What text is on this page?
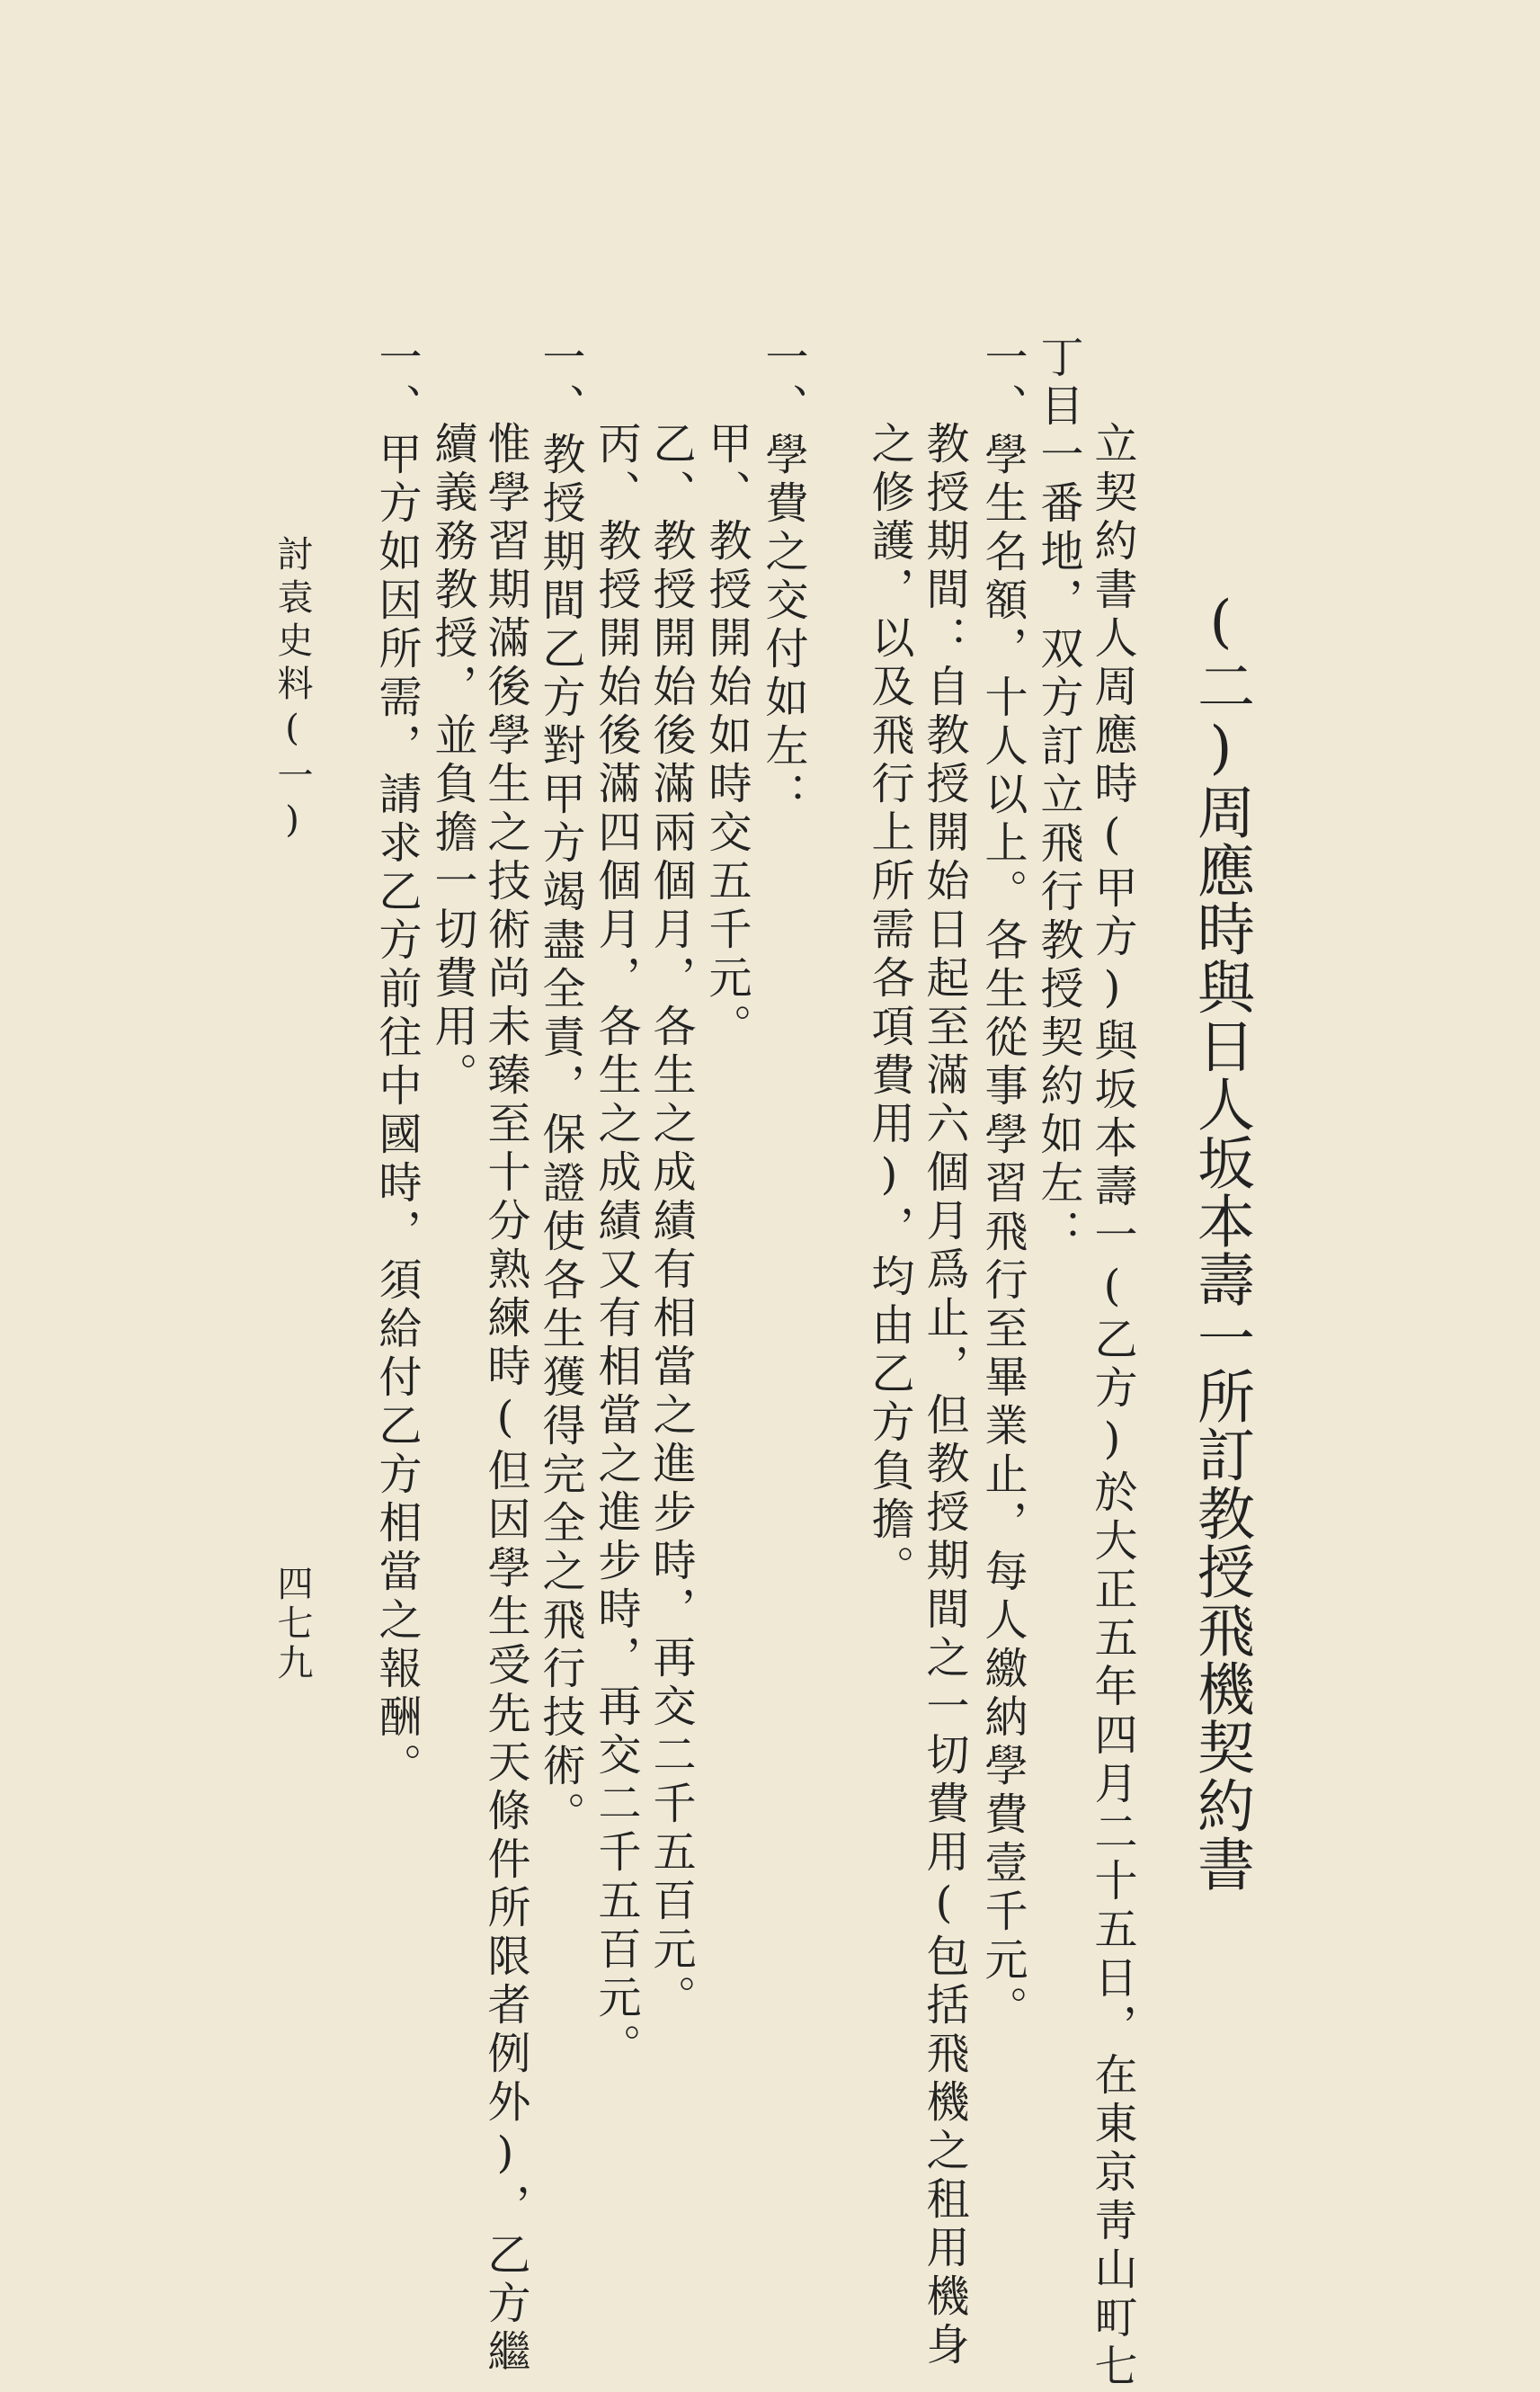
(二)周應時與日人坂本壽一所訂教授飛機契約書
立契約書人周應時(甲方)與坂本壽一(乙方)於大正五年四月二十五日，在東京靑山町七
丁目一番地，双方訂立飛行教授契約如左：
一、學生名額，十人以上。各生從事學習飛行至畢業止，每人繳納學費壹千元。
教授期間：自教授開始日起至滿六個月爲止，但教授期間之一切費用(包括飛機之租用機身
之修護，以及飛行上所需各項費用)，均由乙方負擔。
一、學費之交付如左：
甲、教授開始如時交五千元。
乙、教授開始後滿兩個月，各生之成績有相當之進步時，再交二千五百元。
丙、教授開始後滿四個月，各生之成績又有相當之進步時，再交二千五百元。
一、教授期間乙方對甲方竭盡全責，保證使各生獲得完全之飛行技術。
惟學習期滿後學生之技術尚未臻至十分熟練時(但因學生受先天條件所限者例外)，乙方繼
續義務教授，並負擔一切費用。
一、甲方如因所需，請求乙方前往中國時，須給付乙方相當之報酬。
討袁史料(一)
四七九
